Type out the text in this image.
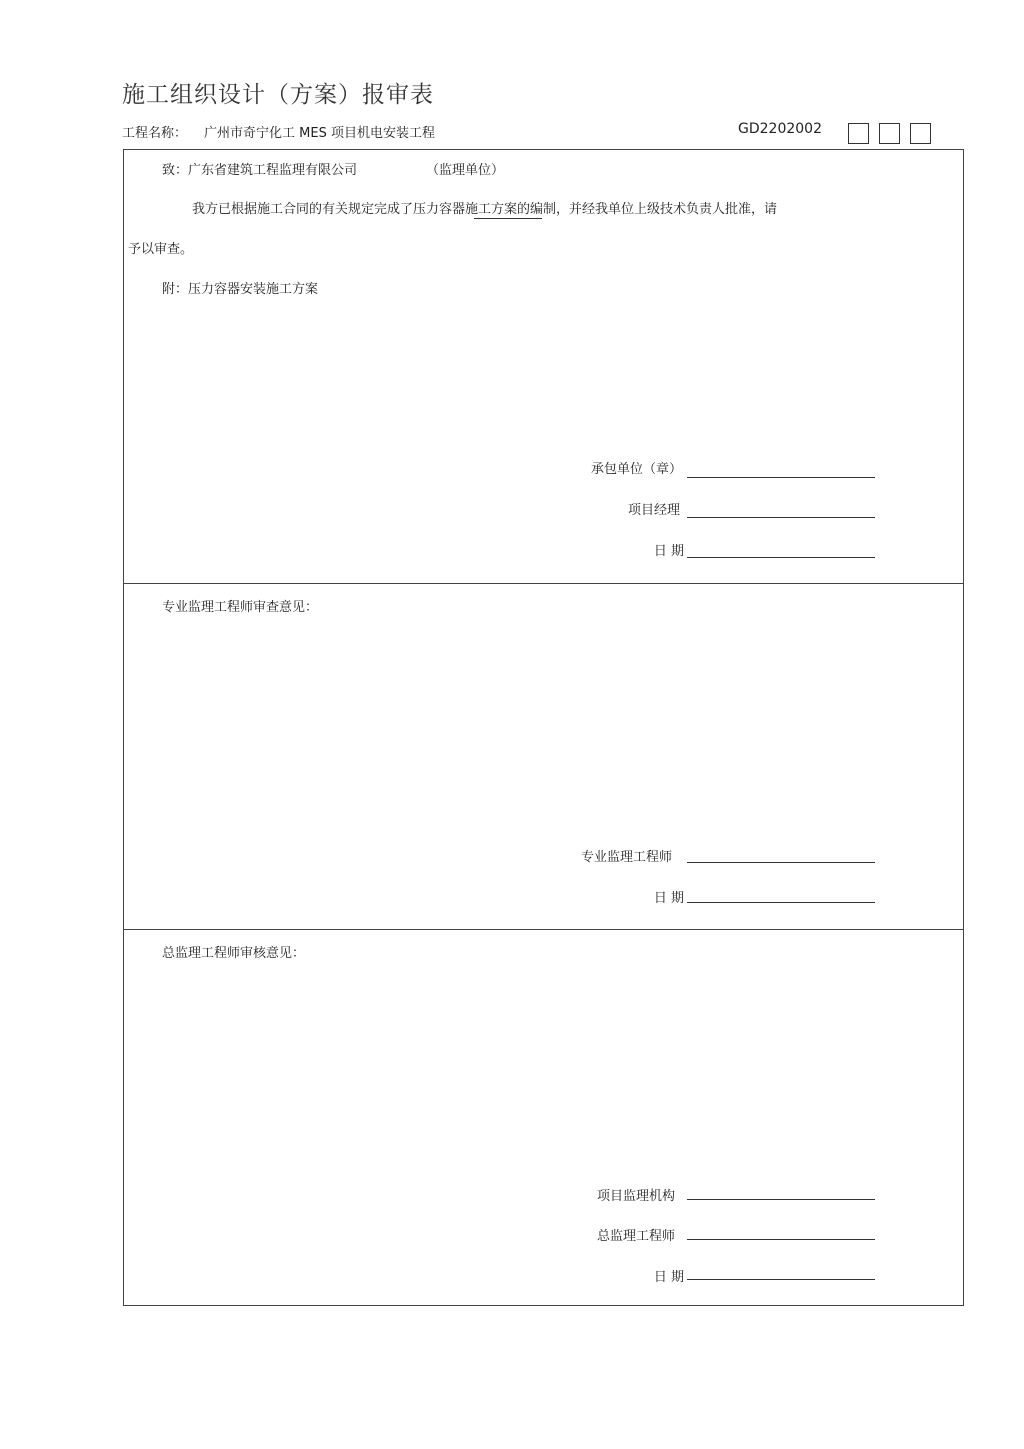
施工组织设计（方案）报审表
工程名称： 广州市奇宁化工 MES 项目机电安装工程	GD2202002
致：广东省建筑工程监理有限公司	（监理单位）
我方已根据施工合同的有关规定完成了压力容器施工方案的编制，并经我单位上级技术负责人批准，请
予以审查。
附：压力容器安装施工方案
承包单位（章）
项目经理
日 期
专业监理工程师审查意见：
专业监理工程师
日 期
总监理工程师审核意见：
项目监理机构
总监理工程师
日 期
